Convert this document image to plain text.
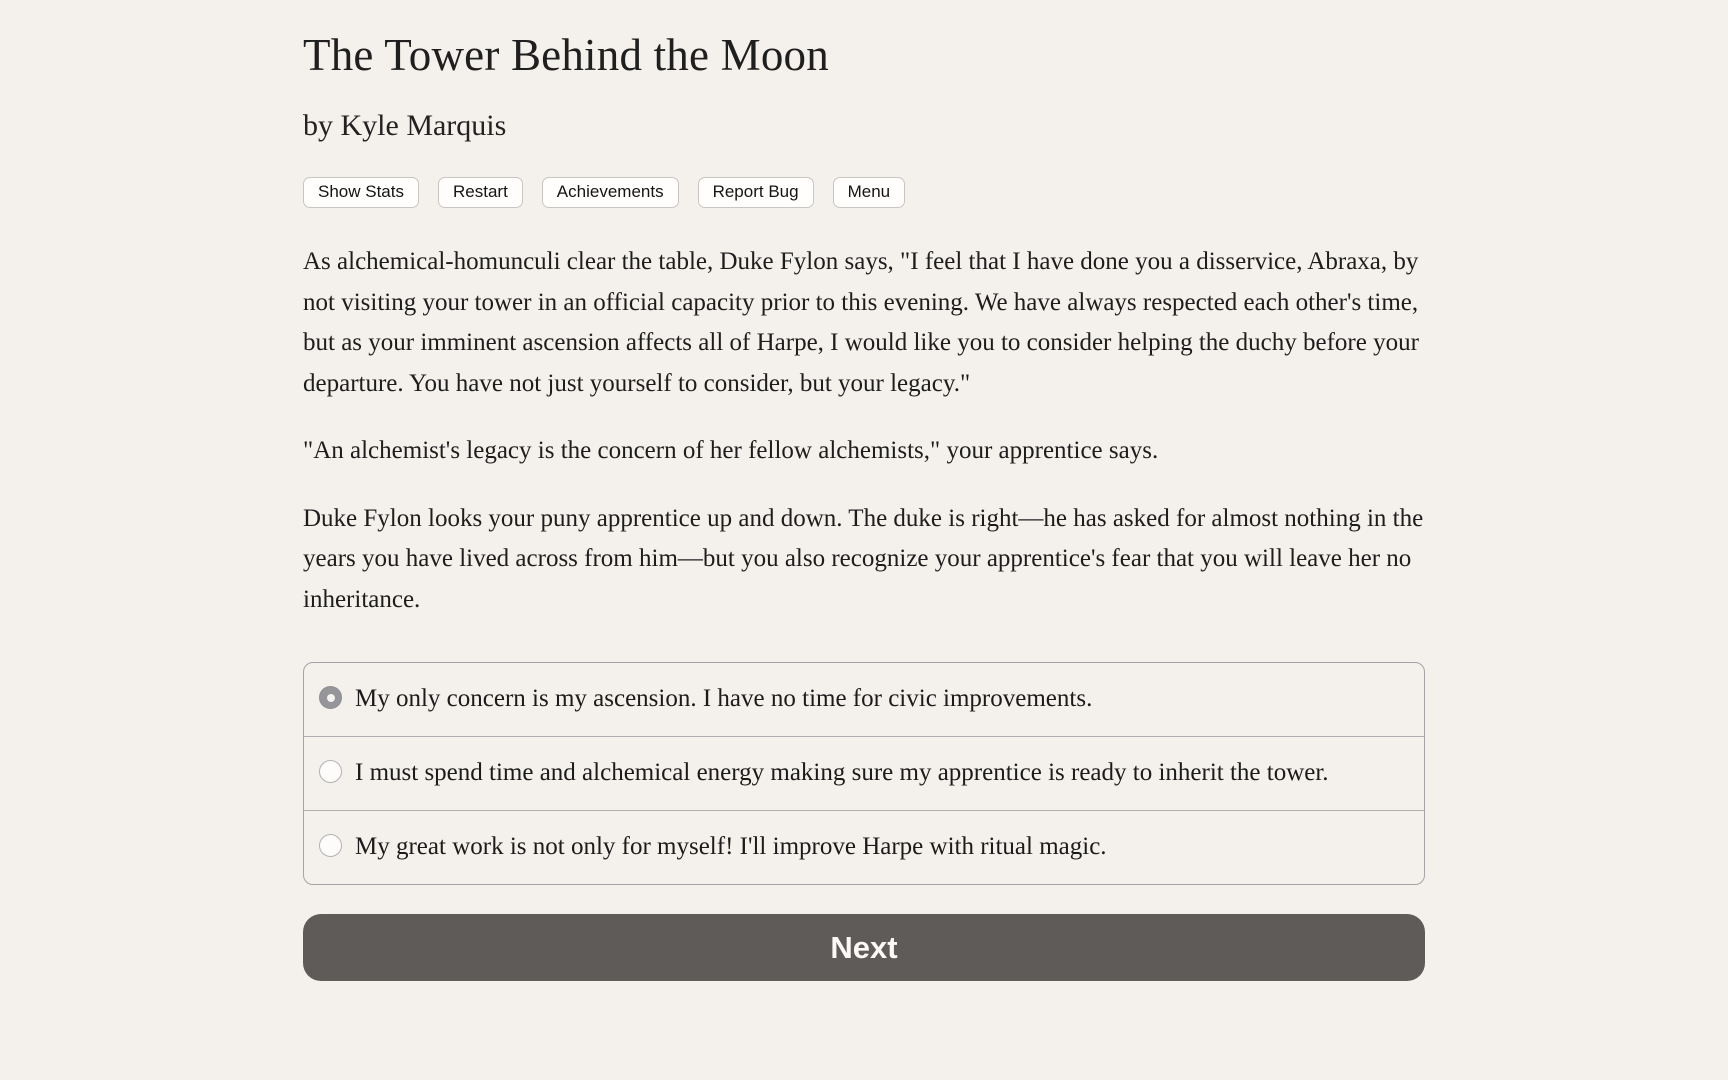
The Tower Behind the Moon
by Kyle Marquis
Show Stats	Restart	Achievements	Report Bug	Menu

As alchemical-homunculi clear the table, Duke Fylon says, "I feel that I have done you a disservice, Abraxa, by not visiting your tower in an official capacity prior to this evening. We have always respected each other's time, but as your imminent ascension affects all of Harpe, I would like you to consider helping the duchy before your departure. You have not just yourself to consider, but your legacy."

"An alchemist's legacy is the concern of her fellow alchemists," your apprentice says.

Duke Fylon looks your puny apprentice up and down. The duke is right—he has asked for almost nothing in the years you have lived across from him—but you also recognize your apprentice's fear that you will leave her no inheritance.

My only concern is my ascension. I have no time for civic improvements.
I must spend time and alchemical energy making sure my apprentice is ready to inherit the tower.
My great work is not only for myself! I'll improve Harpe with ritual magic.
Next
